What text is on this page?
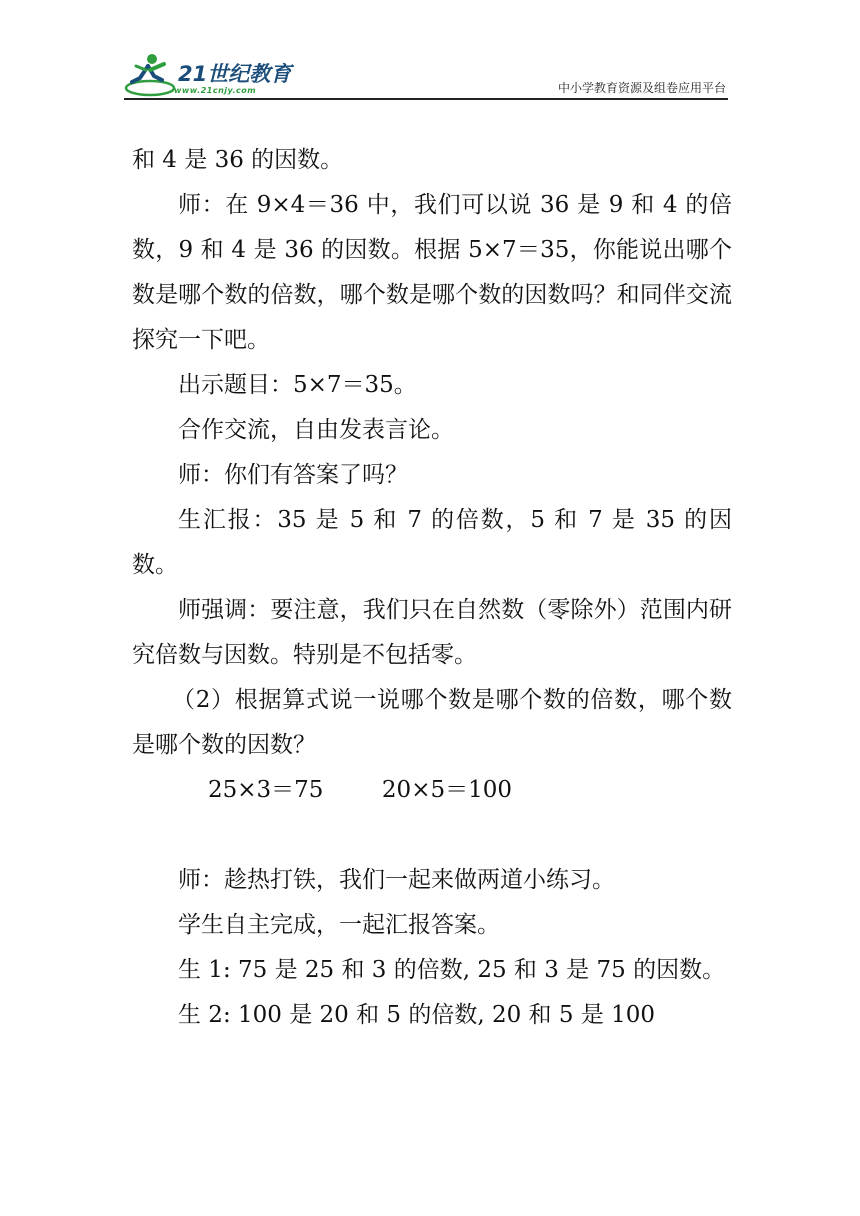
21世纪教育
www.21cnjy.com	中小学教育资源及组卷应用平台

和 4 是 36 的因数。

师：在 9×4＝36 中，我们可以说 36 是 9 和 4 的倍数，9 和 4 是 36 的因数。根据 5×7＝35，你能说出哪个数是哪个数的倍数，哪个数是哪个数的因数吗？和同伴交流探究一下吧。

出示题目：5×7＝35。

合作交流，自由发表言论。

师：你们有答案了吗？

生汇报：35 是 5 和 7 的倍数，5 和 7 是 35 的因数。

师强调：要注意，我们只在自然数（零除外）范围内研究倍数与因数。特别是不包括零。

（2）根据算式说一说哪个数是哪个数的倍数，哪个数是哪个数的因数？

25×3＝75        20×5＝100

师：趁热打铁，我们一起来做两道小练习。

学生自主完成，一起汇报答案。

生 1: 75 是 25 和 3 的倍数, 25 和 3 是 75 的因数。

生 2: 100 是 20 和 5 的倍数, 20 和 5 是 100
